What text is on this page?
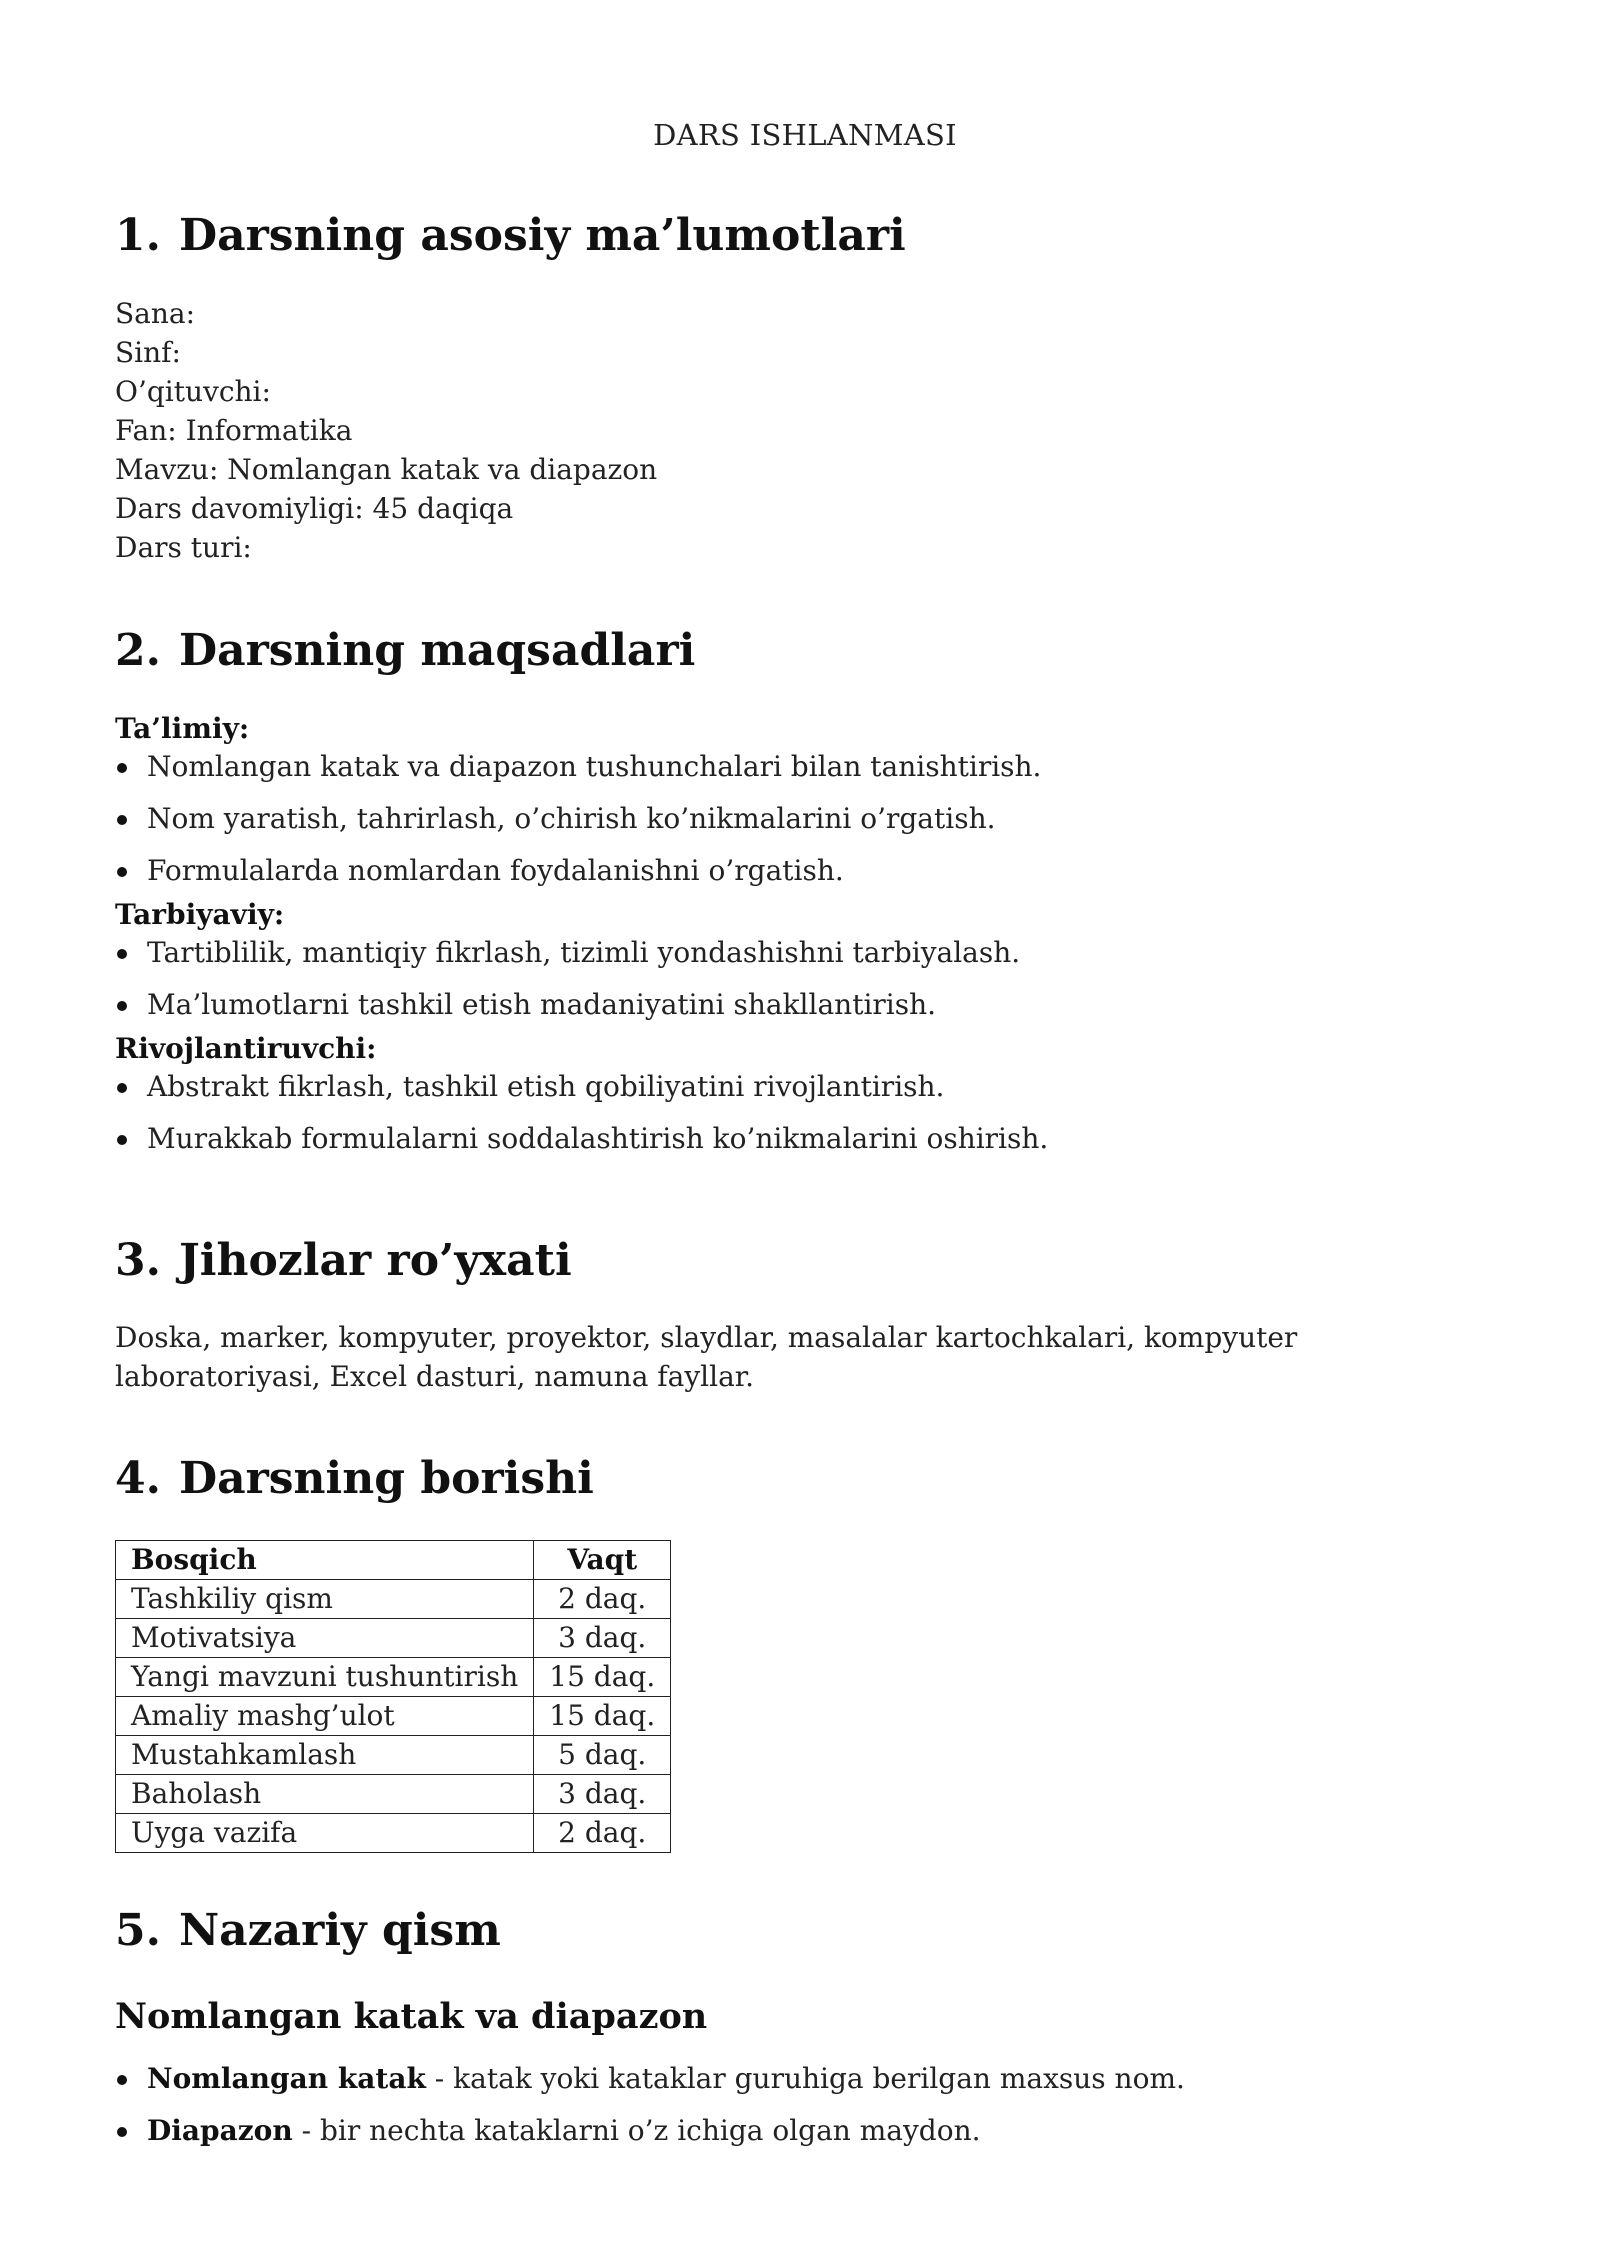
DARS ISHLANMASI
1. Darsning asosiy ma’lumotlari
Sana:
Sinf:
O’qituvchi:
Fan: Informatika
Mavzu: Nomlangan katak va diapazon
Dars davomiyligi: 45 daqiqa
Dars turi:
2. Darsning maqsadlari
Ta’limiy:
Nomlangan katak va diapazon tushunchalari bilan tanishtirish.
Nom yaratish, tahrirlash, o’chirish ko’nikmalarini o’rgatish.
Formulalarda nomlardan foydalanishni o’rgatish.
Tarbiyaviy:
Tartiblilik, mantiqiy fikrlash, tizimli yondashishni tarbiyalash.
Ma’lumotlarni tashkil etish madaniyatini shakllantirish.
Rivojlantiruvchi:
Abstrakt fikrlash, tashkil etish qobiliyatini rivojlantirish.
Murakkab formulalarni soddalashtirish ko’nikmalarini oshirish.
3. Jihozlar ro’yxati
Doska, marker, kompyuter, proyektor, slaydlar, masalalar kartochkalari, kompyuter laboratoriyasi, Excel dasturi, namuna fayllar.
4. Darsning borishi
Bosqich	Vaqt
Tashkiliy qism	2 daq.
Motivatsiya	3 daq.
Yangi mavzuni tushuntirish	15 daq.
Amaliy mashg’ulot	15 daq.
Mustahkamlash	5 daq.
Baholash	3 daq.
Uyga vazifa	2 daq.
5. Nazariy qism
Nomlangan katak va diapazon
Nomlangan katak - katak yoki kataklar guruhiga berilgan maxsus nom.
Diapazon - bir nechta kataklarni o’z ichiga olgan maydon.
